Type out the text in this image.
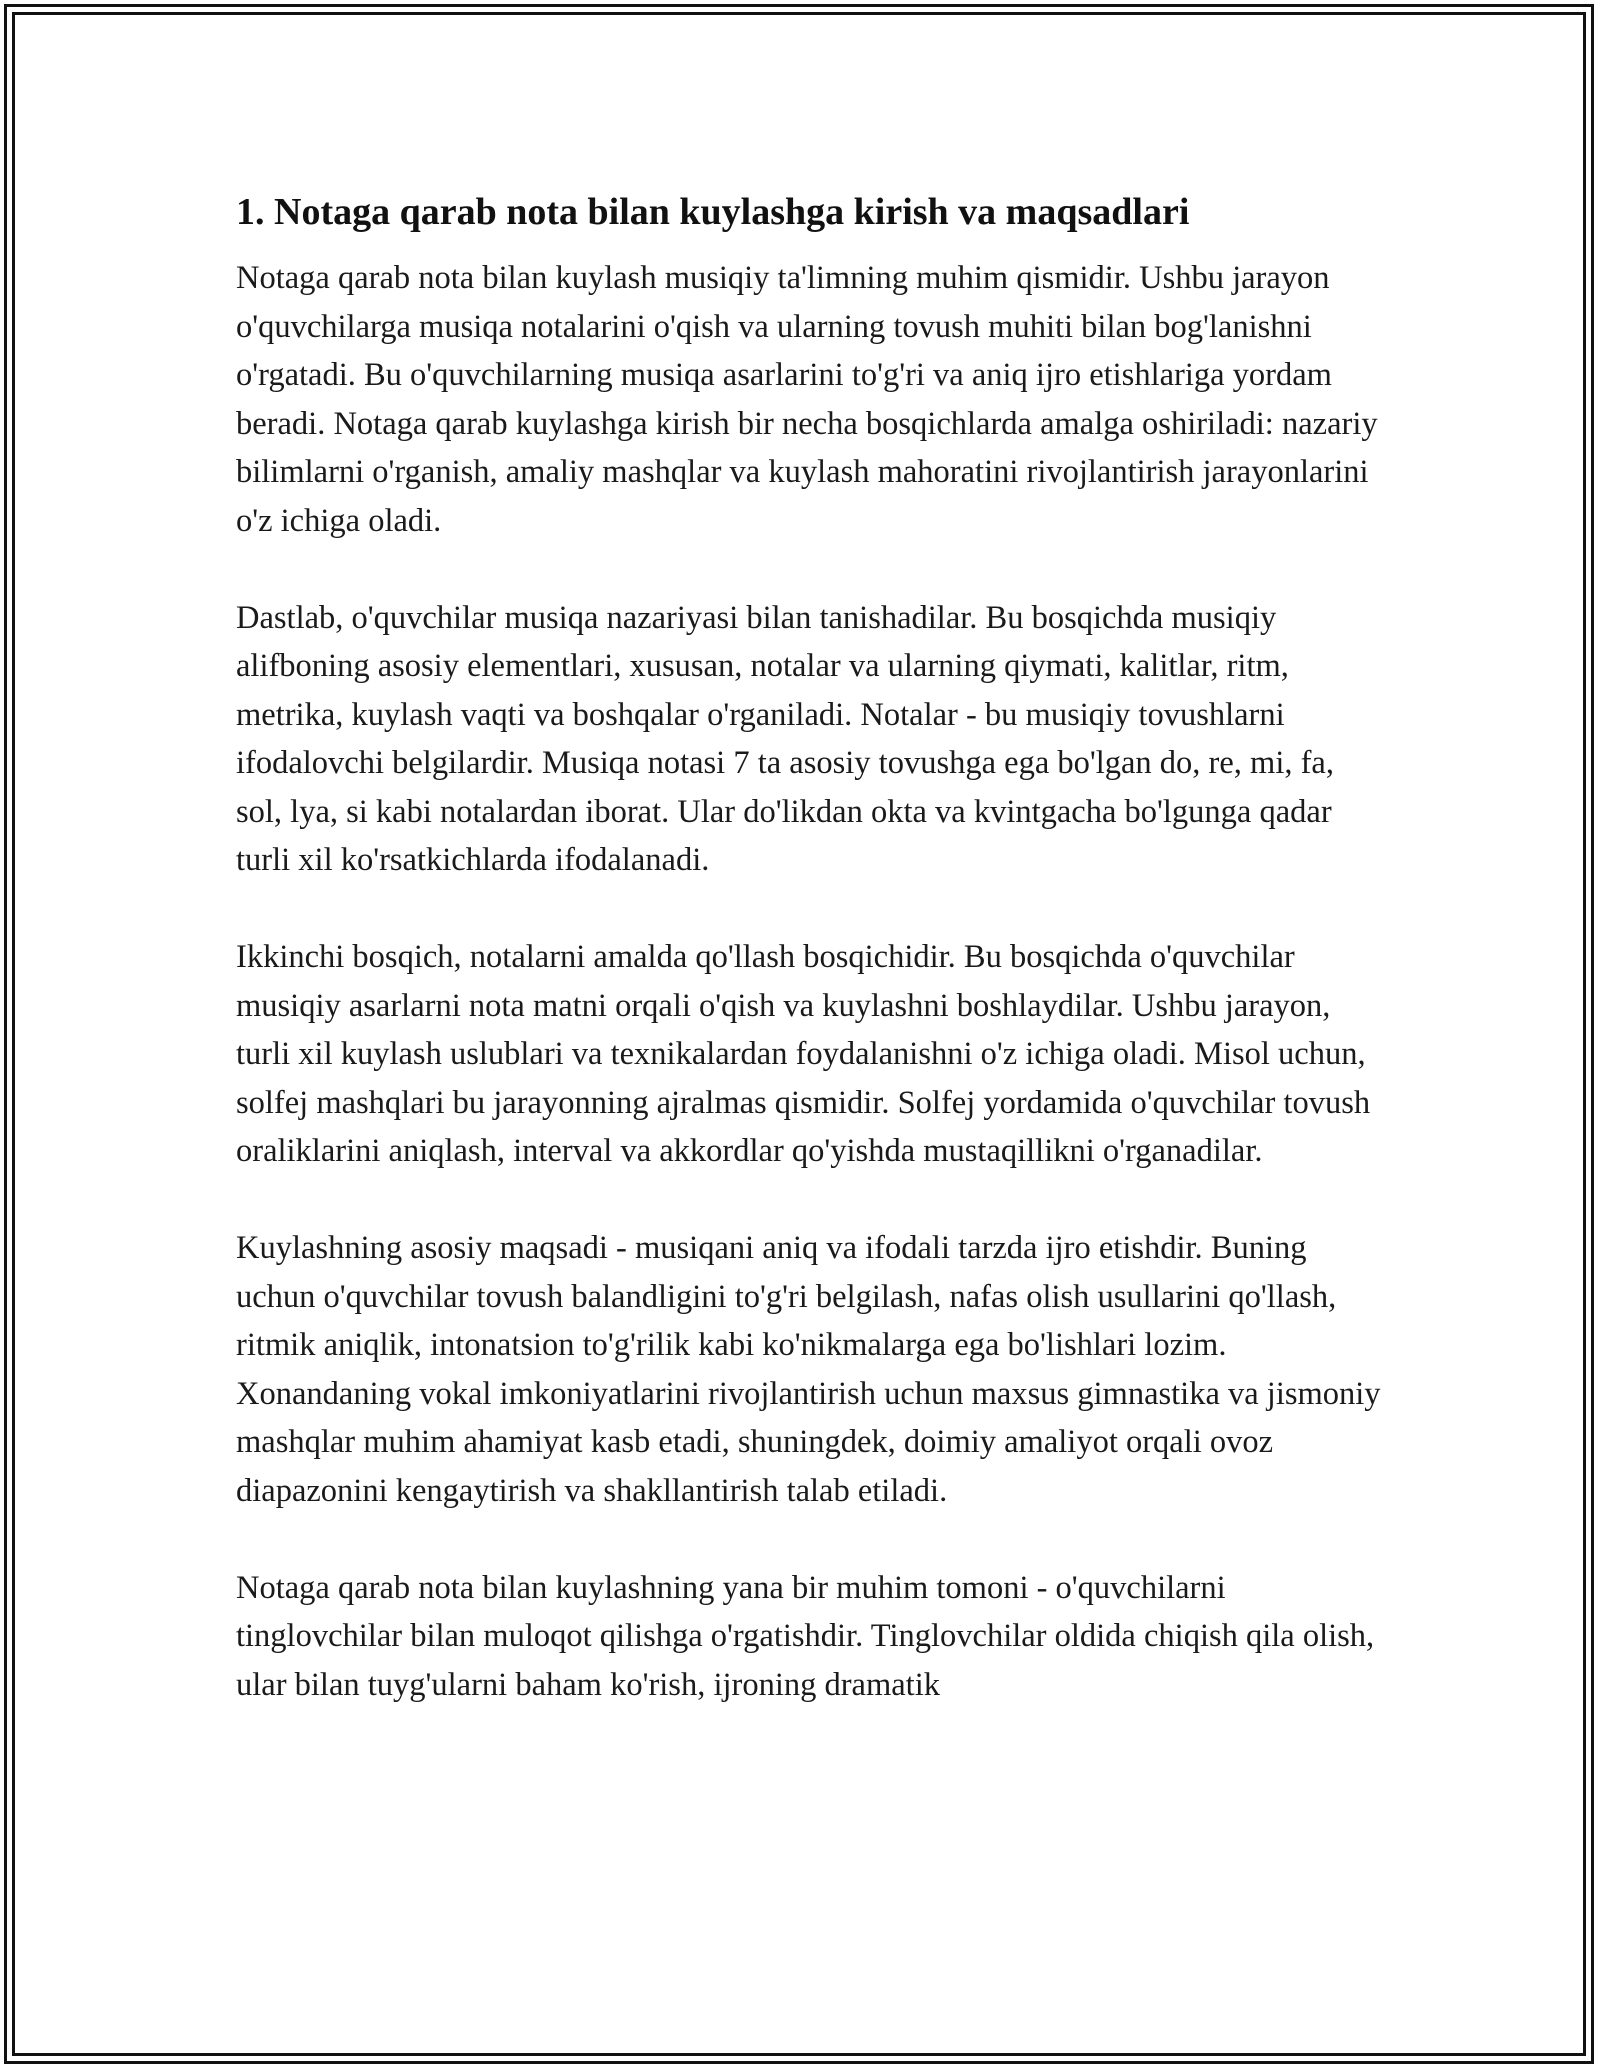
1. Notaga qarab nota bilan kuylashga kirish va maqsadlari

Notaga qarab nota bilan kuylash musiqiy ta'limning muhim qismidir. Ushbu jarayon o'quvchilarga musiqa notalarini o'qish va ularning tovush muhiti bilan bog'lanishni o'rgatadi. Bu o'quvchilarning musiqa asarlarini to'g'ri va aniq ijro etishlariga yordam beradi. Notaga qarab kuylashga kirish bir necha bosqichlarda amalga oshiriladi: nazariy bilimlarni o'rganish, amaliy mashqlar va kuylash mahoratini rivojlantirish jarayonlarini o'z ichiga oladi.

Dastlab, o'quvchilar musiqa nazariyasi bilan tanishadilar. Bu bosqichda musiqiy alifboning asosiy elementlari, xususan, notalar va ularning qiymati, kalitlar, ritm, metrika, kuylash vaqti va boshqalar o'rganiladi. Notalar - bu musiqiy tovushlarni ifodalovchi belgilardir. Musiqa notasi 7 ta asosiy tovushga ega bo'lgan do, re, mi, fa, sol, lya, si kabi notalardan iborat. Ular do'likdan okta va kvintgacha bo'lgunga qadar turli xil ko'rsatkichlarda ifodalanadi.

Ikkinchi bosqich, notalarni amalda qo'llash bosqichidir. Bu bosqichda o'quvchilar musiqiy asarlarni nota matni orqali o'qish va kuylashni boshlaydilar. Ushbu jarayon, turli xil kuylash uslublari va texnikalardan foydalanishni o'z ichiga oladi. Misol uchun, solfej mashqlari bu jarayonning ajralmas qismidir. Solfej yordamida o'quvchilar tovush oraliklarini aniqlash, interval va akkordlar qo'yishda mustaqillikni o'rganadilar.

Kuylashning asosiy maqsadi - musiqani aniq va ifodali tarzda ijro etishdir. Buning uchun o'quvchilar tovush balandligini to'g'ri belgilash, nafas olish usullarini qo'llash, ritmik aniqlik, intonatsion to'g'rilik kabi ko'nikmalarga ega bo'lishlari lozim. Xonandaning vokal imkoniyatlarini rivojlantirish uchun maxsus gimnastika va jismoniy mashqlar muhim ahamiyat kasb etadi, shuningdek, doimiy amaliyot orqali ovoz diapazonini kengaytirish va shakllantirish talab etiladi.

Notaga qarab nota bilan kuylashning yana bir muhim tomoni - o'quvchilarni tinglovchilar bilan muloqot qilishga o'rgatishdir. Tinglovchilar oldida chiqish qila olish, ular bilan tuyg'ularni baham ko'rish, ijroning dramatik
